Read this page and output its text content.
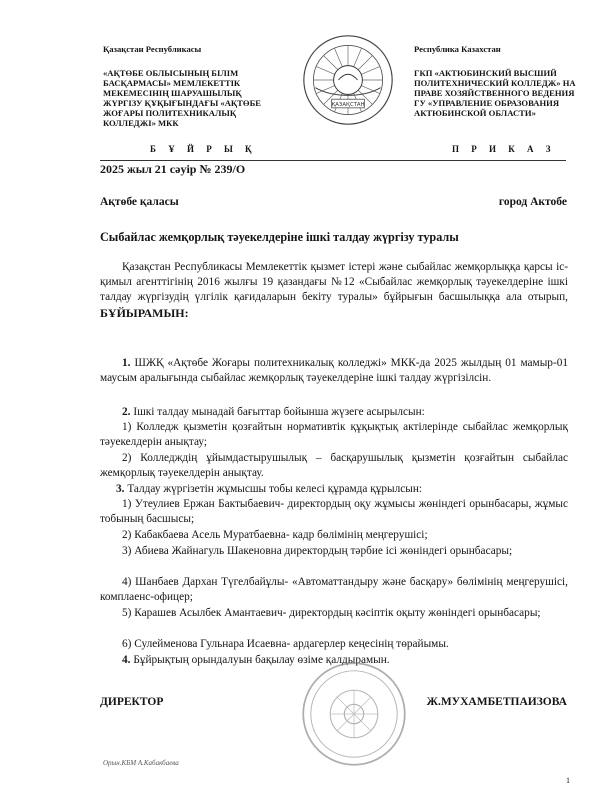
Қазақстан Республикасы
«АҚТӨБЕ ОБЛЫСЫНЫҢ БІЛІМ БАСҚАРМАСЫ» МЕМЛЕКЕТТІК МЕКЕМЕСІНІҢ ШАРУАШЫЛЫҚ ЖҮРГІЗУ ҚҰҚЫҒЫНДАҒЫ «АҚТӨБЕ ЖОҒАРЫ ПОЛИТЕХНИКАЛЫҚ КОЛЛЕДЖІ» МКК
ҚАЗАҚСТАН
Республика Казахстан
ГКП «АКТЮБИНСКИЙ ВЫСШИЙ ПОЛИТЕХНИЧЕСКИЙ КОЛЛЕДЖ» НА ПРАВЕ ХОЗЯЙСТВЕННОГО ВЕДЕНИЯ ГУ «УПРАВЛЕНИЕ ОБРАЗОВАНИЯ АКТЮБИНСКОЙ ОБЛАСТИ»
Б Ұ Й Р Ы Қ	П Р И К А З
2025 жыл 21 сәуір № 239/О
Ақтөбе қаласы	город Актобе
Сыбайлас жемқорлық тәуекелдеріне ішкі талдау жүргізу туралы
Қазақстан Республикасы Мемлекеттік қызмет істері және сыбайлас жемқорлыққа қарсы іс-қимыл агенттігінің 2016 жылғы 19 қазандағы №12 «Сыбайлас жемқорлық тәуекелдеріне ішкі талдау жүргізудің үлгілік қағидаларын бекіту туралы» бұйрығын басшылыққа ала отырып, БҰЙЫРАМЫН:
1. ШЖҚ «Ақтөбе Жоғары политехникалық колледжі» МКК-да 2025 жылдың 01 мамыр-01 маусым аралығында сыбайлас жемқорлық тәуекелдеріне ішкі талдау жүргізілсін.
2. Ішкі талдау мынадай бағыттар бойынша жүзеге асырылсын:
1) Колледж қызметін қозғайтын нормативтік құқықтық актілерінде сыбайлас жемқорлық тәуекелдерін анықтау;
2) Колледждің ұйымдастырушылық – басқарушылық қызметін қозғайтын сыбайлас жемқорлық тәуекелдерін анықтау.
3. Талдау жүргізетін жұмысшы тобы келесі құрамда құрылсын:
1) Утеулиев Ержан Бактыбаевич- директордың оқу жұмысы жөніндегі орынбасары, жұмыс тобының басшысы;
2) Кабакбаева Асель Муратбаевна- кадр бөлімінің меңгерушісі;
3) Абиева Жайнагуль Шакеновна директордың тәрбие ісі жөніндегі орынбасары;
4) Шанбаев Дархан Түгелбайұлы- «Автоматтандыру және басқару» бөлімінің меңгерушісі, комплаенс-офицер;
5) Карашев Асылбек Амантаевич- директордың кәсіптік оқыту жөніндегі орынбасары;
6) Сулейменова Гульнара Исаевна- ардагерлер кеңесінің төрайымы.
4. Бұйрықтың орындалуын бақылау өзіме қалдырамын.
ДИРЕКТОР	Ж.МУХАМБЕТПАИЗОВА
Орын.КБМ А.Кабакбаева
1
